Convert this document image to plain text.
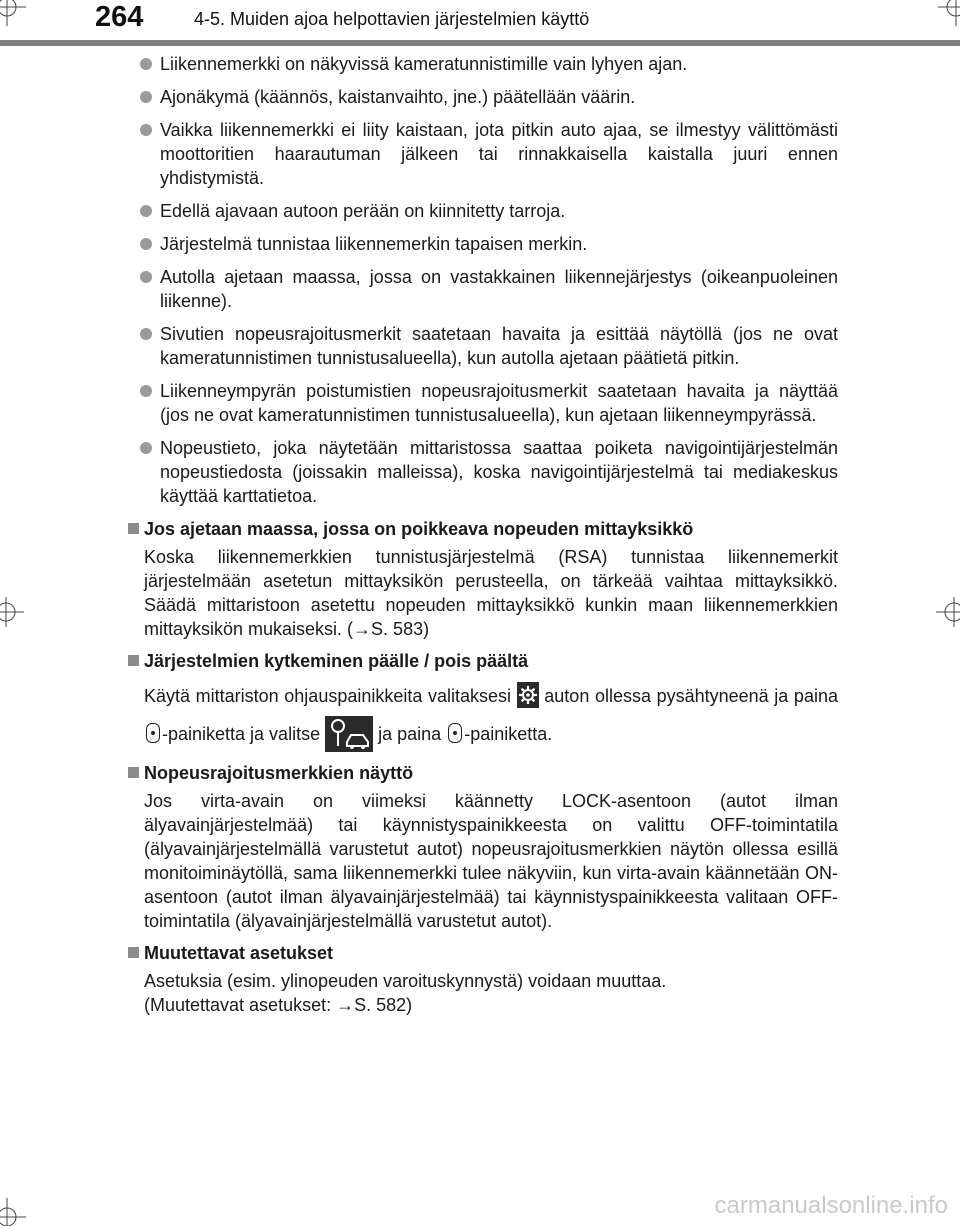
264	4-5. Muiden ajoa helpottavien järjestelmien käyttö
Liikennemerkki on näkyvissä kameratunnistimille vain lyhyen ajan.
Ajonäkymä (käännös, kaistanvaihto, jne.) päätellään väärin.
Vaikka liikennemerkki ei liity kaistaan, jota pitkin auto ajaa, se ilmestyy välittömästi moottoritien haarautuman jälkeen tai rinnakkaisella kaistalla juuri ennen yhdistymistä.
Edellä ajavaan autoon perään on kiinnitetty tarroja.
Järjestelmä tunnistaa liikennemerkin tapaisen merkin.
Autolla ajetaan maassa, jossa on vastakkainen liikennejärjestys (oikeanpuoleinen liikenne).
Sivutien nopeusrajoitusmerkit saatetaan havaita ja esittää näytöllä (jos ne ovat kameratunnistimen tunnistusalueella), kun autolla ajetaan päätietä pitkin.
Liikenneympyrän poistumistien nopeusrajoitusmerkit saatetaan havaita ja näyttää (jos ne ovat kameratunnistimen tunnistusalueella), kun ajetaan liikenneympyrässä.
Nopeustieto, joka näytetään mittaristossa saattaa poiketa navigointijärjestelmän nopeustiedosta (joissakin malleissa), koska navigointijärjestelmä tai mediakeskus käyttää karttatietoa.
Jos ajetaan maassa, jossa on poikkeava nopeuden mittayksikkö
Koska liikennemerkkien tunnistusjärjestelmä (RSA) tunnistaa liikennemerkit järjestelmään asetetun mittayksikön perusteella, on tärkeää vaihtaa mittayksikkö. Säädä mittaristoon asetettu nopeuden mittayksikkö kunkin maan liikennemerkkien mittayksikön mukaiseksi. (→S. 583)
Järjestelmien kytkeminen päälle / pois päältä
Käytä mittariston ohjauspainikkeita valitaksesi auton ollessa pysähtyneenä ja paina -painiketta ja valitse	ja paina -painiketta.
Nopeusrajoitusmerkkien näyttö
Jos virta-avain on viimeksi käännetty LOCK-asentoon (autot ilman älyavainjärjestelmää) tai käynnistyspainikkeesta on valittu OFF-toimintatila (älyavainjärjestelmällä varustetut autot) nopeusrajoitusmerkkien näytön ollessa esillä monitoiminäytöllä, sama liikennemerkki tulee näkyviin, kun virta-avain käännetään ON-asentoon (autot ilman älyavainjärjestelmää) tai käynnistyspainikkeesta valitaan OFF-toimintatila (älyavainjärjestelmällä varustetut autot).
Muutettavat asetukset
Asetuksia (esim. ylinopeuden varoituskynnystä) voidaan muuttaa.
(Muutettavat asetukset: →S. 582)
carmanualsonline.info
